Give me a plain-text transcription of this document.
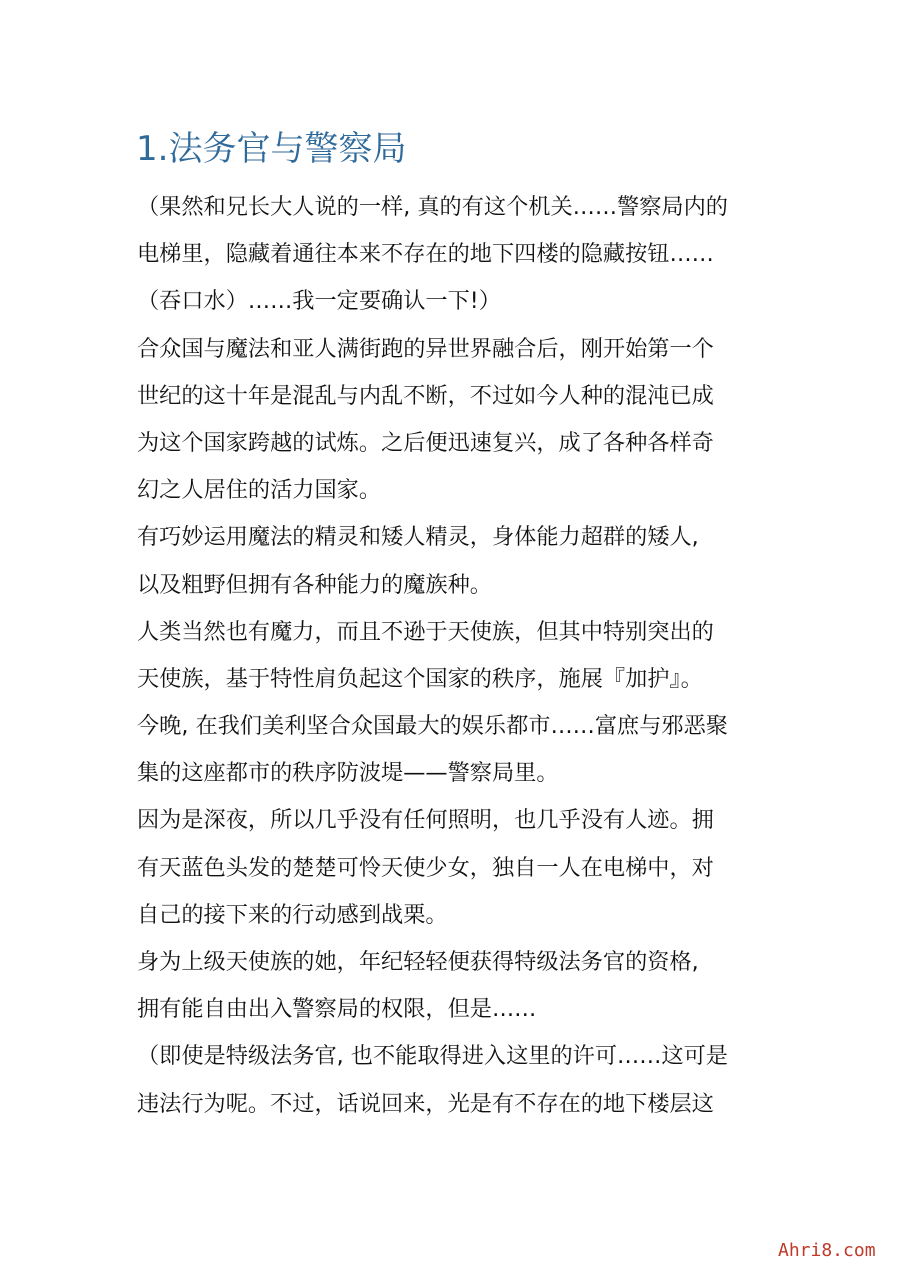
1.法务官与警察局
（果然和兄长大人说的一样, 真的有这个机关……警察局内的
电梯里，隐藏着通往本来不存在的地下四楼的隐藏按钮……
（吞口水）……我一定要确认一下!）
合众国与魔法和亚人满街跑的异世界融合后，刚开始第一个
世纪的这十年是混乱与内乱不断，不过如今人种的混沌已成
为这个国家跨越的试炼。之后便迅速复兴，成了各种各样奇
幻之人居住的活力国家。
有巧妙运用魔法的精灵和矮人精灵，身体能力超群的矮人,
以及粗野但拥有各种能力的魔族种。
人类当然也有魔力，而且不逊于天使族，但其中特别突出的
天使族，基于特性肩负起这个国家的秩序，施展『加护』。
今晚, 在我们美利坚合众国最大的娱乐都市……富庶与邪恶聚
集的这座都市的秩序防波堤——警察局里。
因为是深夜，所以几乎没有任何照明，也几乎没有人迹。拥
有天蓝色头发的楚楚可怜天使少女，独自一人在电梯中，对
自己的接下来的行动感到战栗。
身为上级天使族的她，年纪轻轻便获得特级法务官的资格,
拥有能自由出入警察局的权限，但是……
（即使是特级法务官, 也不能取得进入这里的许可……这可是
违法行为呢。不过，话说回来，光是有不存在的地下楼层这
Ahri8.com
